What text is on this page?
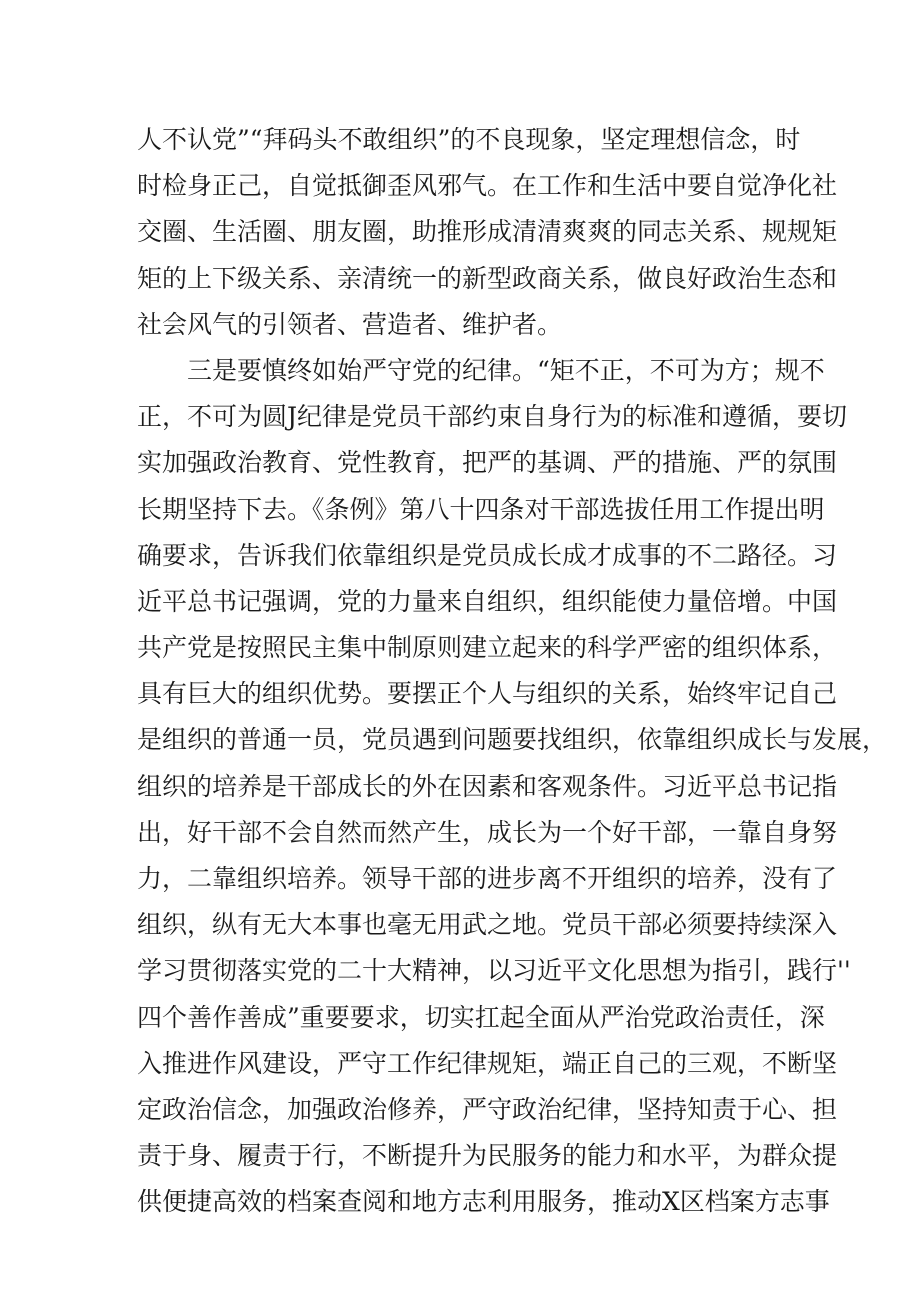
人不认党”“拜码头不敢组织”的不良现象，坚定理想信念，时
时检身正己，自觉抵御歪风邪气。在工作和生活中要自觉净化社
交圈、生活圈、朋友圈，助推形成清清爽爽的同志关系、规规矩
矩的上下级关系、亲清统一的新型政商关系，做良好政治生态和
社会风气的引领者、营造者、维护者。
三是要慎终如始严守党的纪律。“矩不正，不可为方；规不
正，不可为圆J纪律是党员干部约束自身行为的标准和遵循，要切
实加强政治教育、党性教育，把严的基调、严的措施、严的氛围
长期坚持下去。《条例》第八十四条对干部选拔任用工作提出明
确要求，告诉我们依靠组织是党员成长成才成事的不二路径。习
近平总书记强调，党的力量来自组织，组织能使力量倍增。中国
共产党是按照民主集中制原则建立起来的科学严密的组织体系，
具有巨大的组织优势。要摆正个人与组织的关系，始终牢记自己
是组织的普通一员，党员遇到问题要找组织，依靠组织成长与发展，
组织的培养是干部成长的外在因素和客观条件。习近平总书记指
出，好干部不会自然而然产生，成长为一个好干部，一靠自身努
力，二靠组织培养。领导干部的进步离不开组织的培养，没有了
组织，纵有无大本事也毫无用武之地。党员干部必须要持续深入
学习贯彻落实党的二十大精神，以习近平文化思想为指引，践行''
四个善作善成”重要要求，切实扛起全面从严治党政治责任，深
入推进作风建设，严守工作纪律规矩，端正自己的三观，不断坚
定政治信念，加强政治修养，严守政治纪律，坚持知责于心、担
责于身、履责于行，不断提升为民服务的能力和水平，为群众提
供便捷高效的档案查阅和地方志利用服务，推动X区档案方志事
